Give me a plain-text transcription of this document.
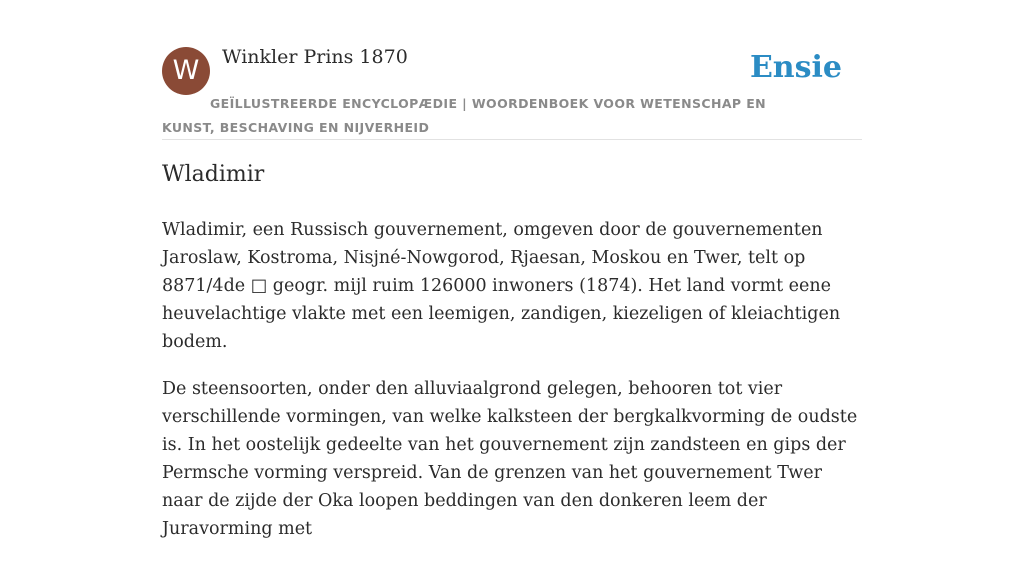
W	Winkler Prins 1870	Ensie
GEÏLLUSTREERDE ENCYCLOPÆDIE | WOORDENBOEK VOOR WETENSCHAP EN KUNST, BESCHAVING EN NIJVERHEID
Wladimir

Wladimir, een Russisch gouvernement, omgeven door de gouvernementen Jaroslaw, Kostroma, Nisjné-Nowgorod, Rjaesan, Moskou en Twer, telt op 8871/4de □ geogr. mijl ruim 126000 inwoners (1874). Het land vormt eene heuvelachtige vlakte met een leemigen, zandigen, kiezeligen of kleiachtigen bodem.

De steensoorten, onder den alluviaalgrond gelegen, behooren tot vier verschillende vormingen, van welke kalksteen der bergkalkvorming de oudste is. In het oostelijk gedeelte van het gouvernement zijn zandsteen en gips der Permsche vorming verspreid. Van de grenzen van het gouvernement Twer naar de zijde der Oka loopen beddingen van den donkeren leem der Juravorming met
